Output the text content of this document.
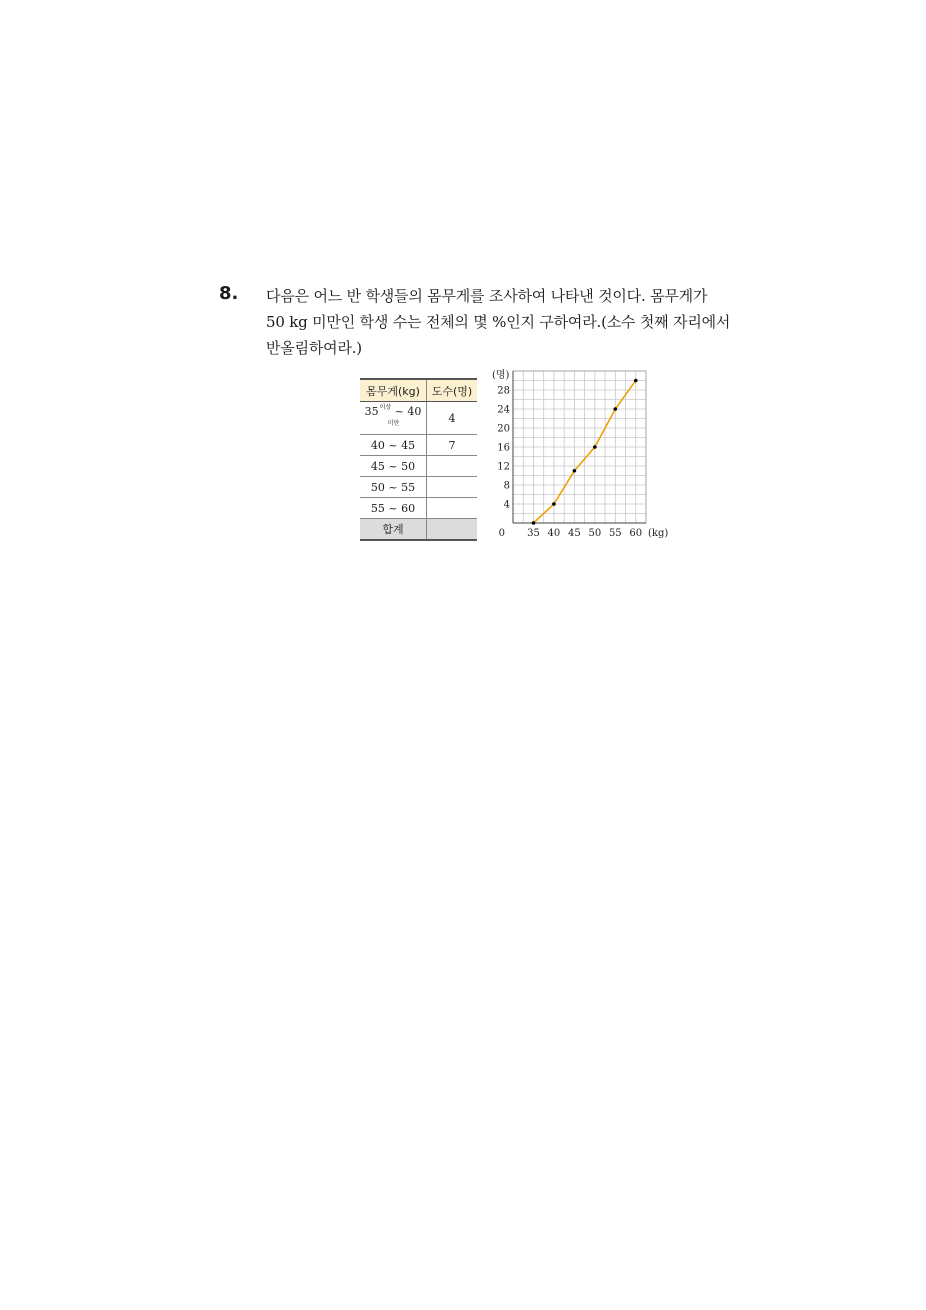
8. 다음은 어느 반 학생들의 몸무게를 조사하여 나타낸 것이다. 몸무게가
50 kg 미만인 학생 수는 전체의 몇 %인지 구하여라.(소수 첫째 자리에서
반올림하여라.)
몸무게(kg)	도수(명)
$35^{이상}$ ~ $40^{미만}$	4
40 ~ 45	7
45 ~ 50	
50 ~ 55	
55 ~ 60	
합계	
4
8
12
16
20
24
28
35 40 45 50 55 60
0
(명)
(kg)
